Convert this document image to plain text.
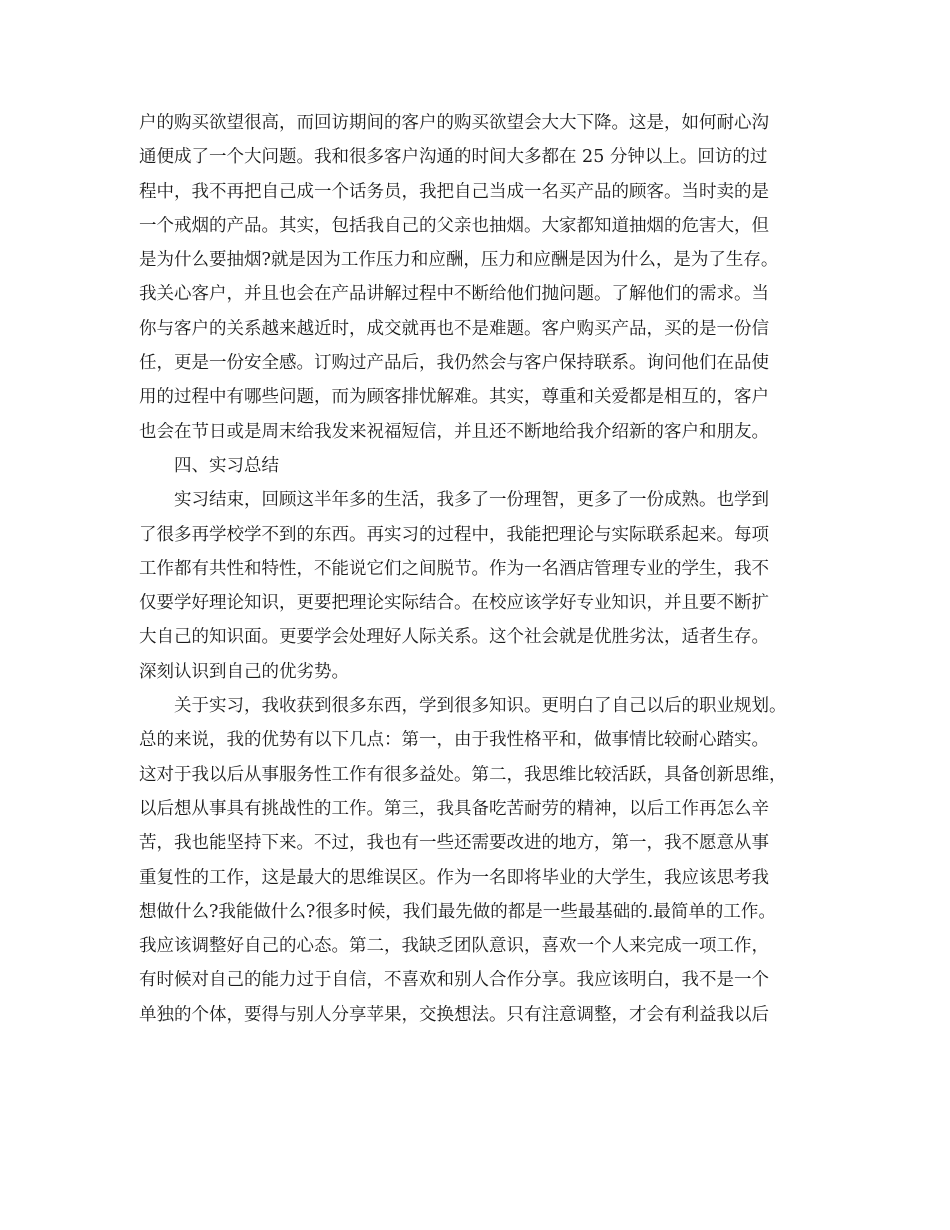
户的购买欲望很高，而回访期间的客户的购买欲望会大大下降。这是，如何耐心沟
通便成了一个大问题。我和很多客户沟通的时间大多都在 25 分钟以上。回访的过
程中，我不再把自己成一个话务员，我把自己当成一名买产品的顾客。当时卖的是
一个戒烟的产品。其实，包括我自己的父亲也抽烟。大家都知道抽烟的危害大，但
是为什么要抽烟?就是因为工作压力和应酬，压力和应酬是因为什么，是为了生存。
我关心客户，并且也会在产品讲解过程中不断给他们抛问题。了解他们的需求。当
你与客户的关系越来越近时，成交就再也不是难题。客户购买产品，买的是一份信
任，更是一份安全感。订购过产品后，我仍然会与客户保持联系。询问他们在品使
用的过程中有哪些问题，而为顾客排忧解难。其实，尊重和关爱都是相互的，客户
也会在节日或是周末给我发来祝福短信，并且还不断地给我介绍新的客户和朋友。
四、实习总结
实习结束，回顾这半年多的生活，我多了一份理智，更多了一份成熟。也学到
了很多再学校学不到的东西。再实习的过程中，我能把理论与实际联系起来。每项
工作都有共性和特性，不能说它们之间脱节。作为一名酒店管理专业的学生，我不
仅要学好理论知识，更要把理论实际结合。在校应该学好专业知识，并且要不断扩
大自己的知识面。更要学会处理好人际关系。这个社会就是优胜劣汰，适者生存。
深刻认识到自己的优劣势。
关于实习，我收获到很多东西，学到很多知识。更明白了自己以后的职业规划。
总的来说，我的优势有以下几点：第一，由于我性格平和，做事情比较耐心踏实。
这对于我以后从事服务性工作有很多益处。第二，我思维比较活跃，具备创新思维，
以后想从事具有挑战性的工作。第三，我具备吃苦耐劳的精神，以后工作再怎么辛
苦，我也能坚持下来。不过，我也有一些还需要改进的地方，第一，我不愿意从事
重复性的工作，这是最大的思维误区。作为一名即将毕业的大学生，我应该思考我
想做什么?我能做什么?很多时候，我们最先做的都是一些最基础的.最简单的工作。
我应该调整好自己的心态。第二，我缺乏团队意识，喜欢一个人来完成一项工作，
有时候对自己的能力过于自信，不喜欢和别人合作分享。我应该明白，我不是一个
单独的个体，要得与别人分享苹果，交换想法。只有注意调整，才会有利益我以后
